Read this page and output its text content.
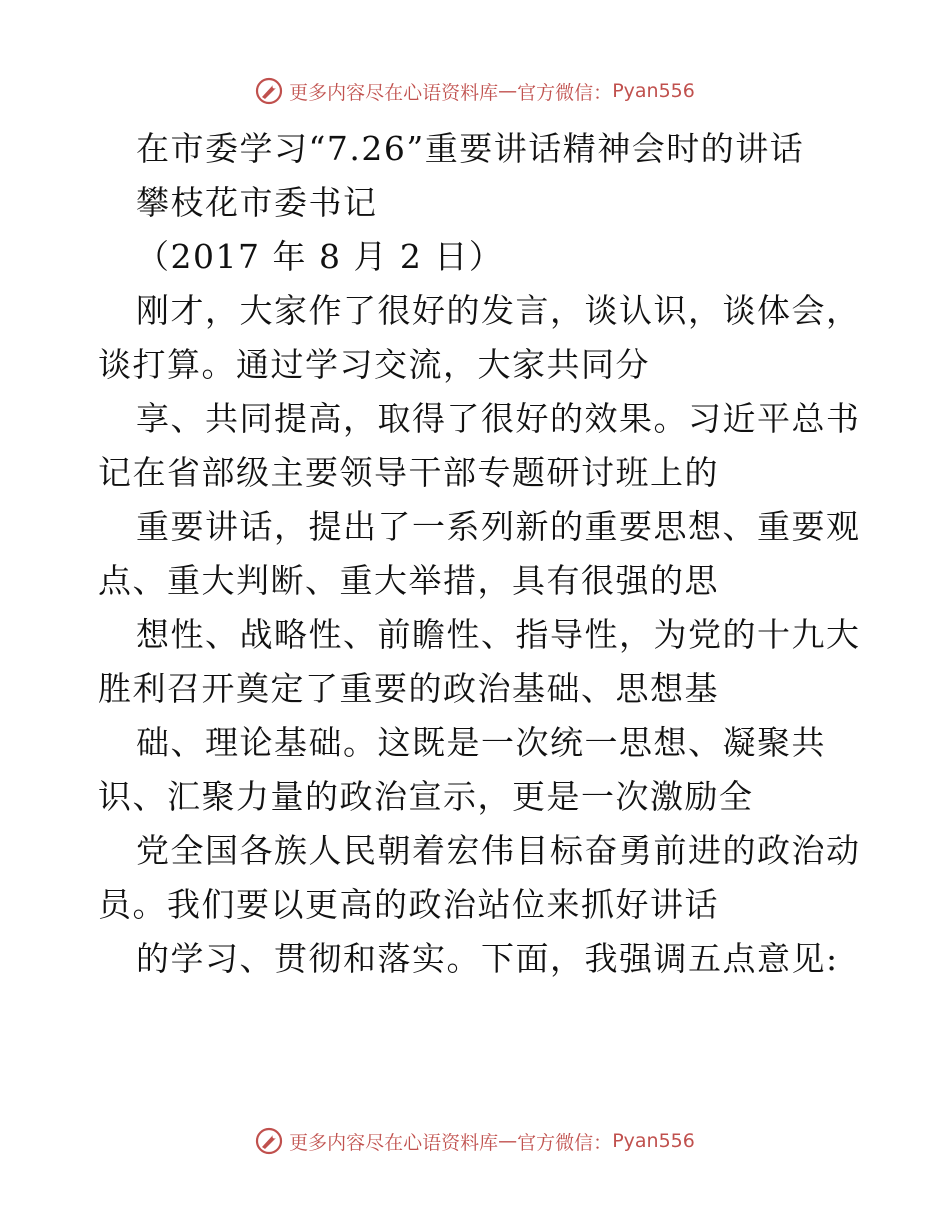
更多内容尽在心语资料库 — 官方微信： Pyan556
在市委学习“7.26”重要讲话精神会时的讲话
攀枝花市委书记
（2017 年 8 月 2 日）
刚才，大家作了很好的发言，谈认识，谈体会，
谈打算。通过学习交流，大家共同分
享、共同提高，取得了很好的效果。习近平总书
记在省部级主要领导干部专题研讨班上的
重要讲话，提出了一系列新的重要思想、重要观
点、重大判断、重大举措，具有很强的思
想性、战略性、前瞻性、指导性，为党的十九大
胜利召开奠定了重要的政治基础、思想基
础、理论基础。这既是一次统一思想、凝聚共
识、汇聚力量的政治宣示，更是一次激励全
党全国各族人民朝着宏伟目标奋勇前进的政治动
员。我们要以更高的政治站位来抓好讲话
的学习、贯彻和落实。下面，我强调五点意见:
更多内容尽在心语资料库 — 官方微信： Pyan556
